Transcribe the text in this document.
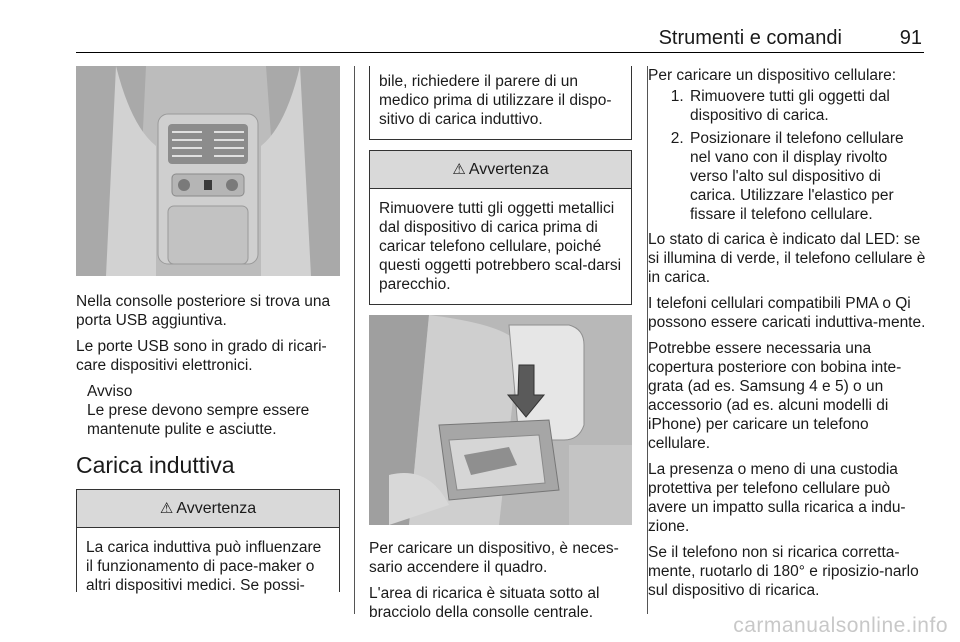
Strumenti e comandi	91

Nella consolle posteriore si trova una porta USB aggiuntiva.

Le porte USB sono in grado di ricari-care dispositivi elettronici.

Avviso
Le prese devono sempre essere mantenute pulite e asciutte.
Carica induttiva
⚠ Avvertenza
La carica induttiva può influenzare il funzionamento di pace-maker o altri dispositivi medici. Se possi-
bile, richiedere il parere di un medico prima di utilizzare il dispo-sitivo di carica induttivo.
⚠ Avvertenza
Rimuovere tutti gli oggetti metallici dal dispositivo di carica prima di caricar telefono cellulare, poiché questi oggetti potrebbero scal-darsi parecchio.

Per caricare un dispositivo, è neces-sario accendere il quadro.

L'area di ricarica è situata sotto al bracciolo della consolle centrale.

Per caricare un dispositivo cellulare:

1. Rimuovere tutti gli oggetti dal dispositivo di carica.
2. Posizionare il telefono cellulare nel vano con il display rivolto verso l'alto sul dispositivo di carica. Utilizzare l'elastico per fissare il telefono cellulare.

Lo stato di carica è indicato dal LED: se si illumina di verde, il telefono cellulare è in carica.

I telefoni cellulari compatibili PMA o Qi possono essere caricati induttiva-mente.

Potrebbe essere necessaria una copertura posteriore con bobina inte-grata (ad es. Samsung 4 e 5) o un accessorio (ad es. alcuni modelli di iPhone) per caricare un telefono cellulare.

La presenza o meno di una custodia protettiva per telefono cellulare può avere un impatto sulla ricarica a indu-zione.

Se il telefono non si ricarica corretta-mente, ruotarlo di 180° e riposizio-narlo sul dispositivo di ricarica.

carmanualsonline.info
